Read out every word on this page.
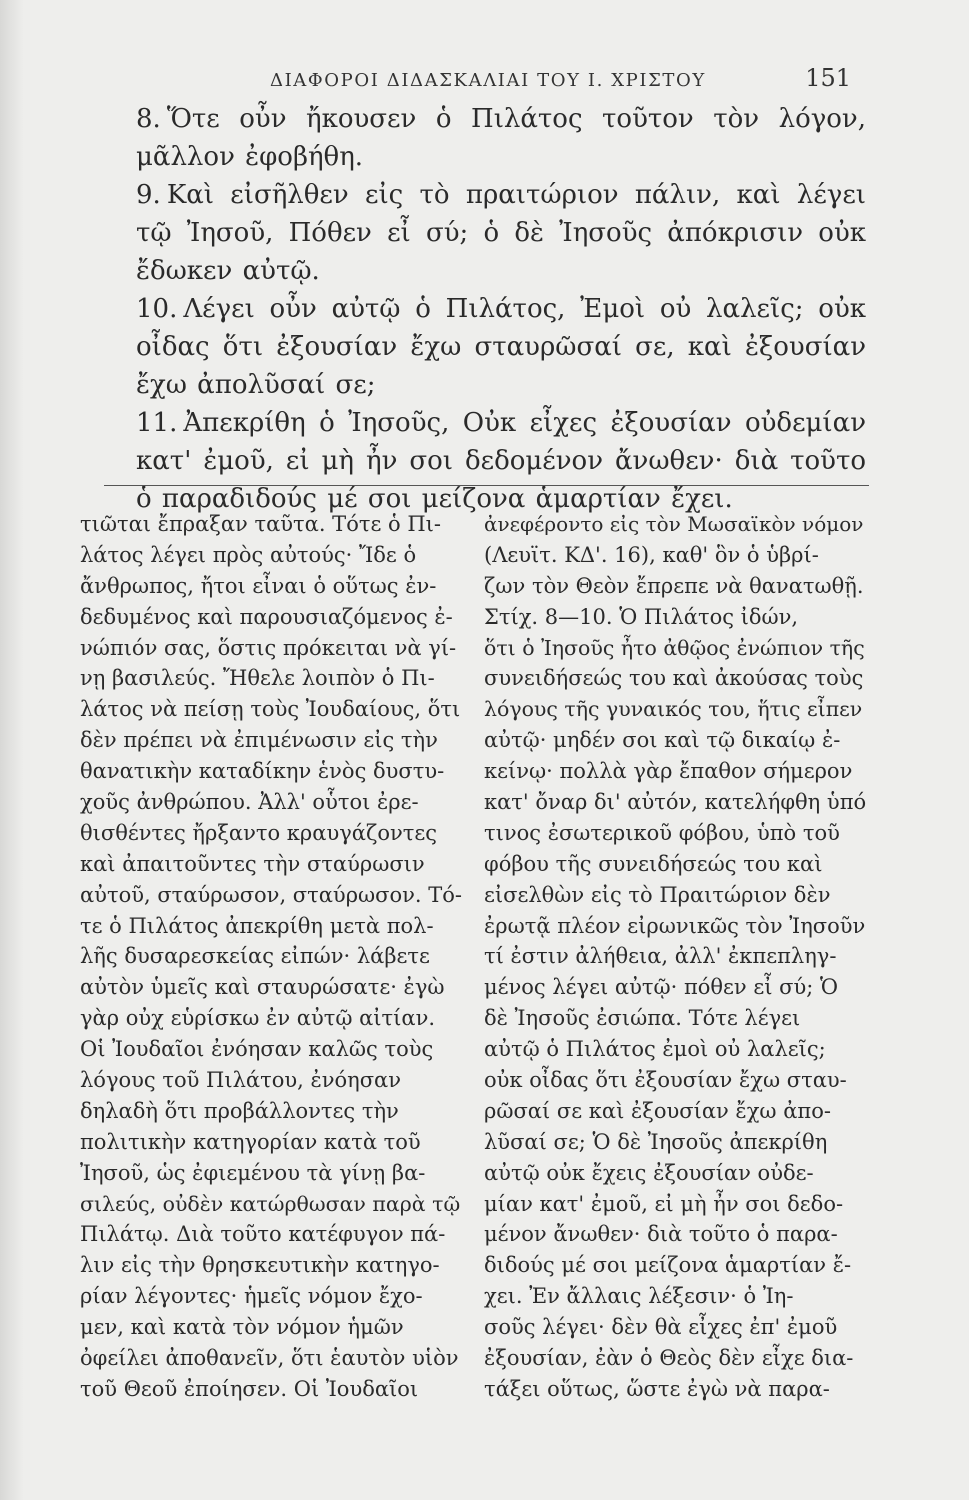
ΔΙΑΦΟΡΟΙ ΔΙΔΑΣΚΑΛΙΑΙ ΤΟΥ Ι. ΧΡΙΣΤΟΥ	151

8. Ὅτε οὖν ἤκουσεν ὁ Πιλάτος τοῦτον τὸν λόγον, μᾶλλον ἐφοβήθη.

9. Καὶ εἰσῆλθεν εἰς τὸ πραιτώριον πάλιν, καὶ λέγει τῷ Ἰησοῦ, Πόθεν εἶ σύ; ὁ δὲ Ἰησοῦς ἀπόκρισιν οὐκ ἔδωκεν αὐτῷ.

10. Λέγει οὖν αὐτῷ ὁ Πιλάτος, Ἐμοὶ οὐ λαλεῖς; οὐκ οἶδας ὅτι ἐξουσίαν ἔχω σταυρῶσαί σε, καὶ ἐξουσίαν ἔχω ἀπολῦσαί σε;

11. Ἀπεκρίθη ὁ Ἰησοῦς, Οὐκ εἶχες ἐξουσίαν οὐδεμίαν κατ' ἐμοῦ, εἰ μὴ ἦν σοι δεδομένον ἄνωθεν· διὰ τοῦτο ὁ παραδιδούς μέ σοι μείζονα ἁμαρτίαν ἔχει.

τιῶται ἔπραξαν ταῦτα. Τότε ὁ Πι-
λάτος λέγει πρὸς αὐτούς· Ἴδε ὁ
ἄνθρωπος, ἤτοι εἶναι ὁ οὕτως ἐν-
δεδυμένος καὶ παρουσιαζόμενος ἐ-
νώπιόν σας, ὅστις πρόκειται νὰ γί-
νῃ βασιλεύς. Ἤθελε λοιπὸν ὁ Πι-
λάτος νὰ πείσῃ τοὺς Ἰουδαίους, ὅτι
δὲν πρέπει νὰ ἐπιμένωσιν εἰς τὴν
θανατικὴν καταδίκην ἑνὸς δυστυ-
χοῦς ἀνθρώπου. Ἀλλ' οὗτοι ἐρε-
θισθέντες ἤρξαντο κραυγάζοντες
καὶ ἀπαιτοῦντες τὴν σταύρωσιν
αὐτοῦ, σταύρωσον, σταύρωσον. Τό-
τε ὁ Πιλάτος ἀπεκρίθη μετὰ πολ-
λῆς δυσαρεσκείας εἰπών· λάβετε
αὐτὸν ὑμεῖς καὶ σταυρώσατε· ἐγὼ
γὰρ οὐχ εὑρίσκω ἐν αὐτῷ αἰτίαν.
Οἱ Ἰουδαῖοι ἐνόησαν καλῶς τοὺς
λόγους τοῦ Πιλάτου, ἐνόησαν
δηλαδὴ ὅτι προβάλλοντες τὴν
πολιτικὴν κατηγορίαν κατὰ τοῦ
Ἰησοῦ, ὡς ἐφιεμένου τὰ γίνῃ βα-
σιλεύς, οὐδὲν κατώρθωσαν παρὰ τῷ
Πιλάτῳ. Διὰ τοῦτο κατέφυγον πά-
λιν εἰς τὴν θρησκευτικὴν κατηγο-
ρίαν λέγοντες· ἡμεῖς νόμον ἔχο-
μεν, καὶ κατὰ τὸν νόμον ἡμῶν
ὀφείλει ἀποθανεῖν, ὅτι ἑαυτὸν υἱὸν
τοῦ Θεοῦ ἐποίησεν. Οἱ Ἰουδαῖοι
ἀνεφέροντο εἰς τὸν Μωσαϊκὸν νόμον
(Λευϊτ. ΚΔ'. 16), καθ' ὃν ὁ ὑβρί-
ζων τὸν Θεὸν ἔπρεπε νὰ θανατωθῇ.
Στίχ. 8—10. Ὁ Πιλάτος ἰδών,
ὅτι ὁ Ἰησοῦς ἦτο ἀθῷος ἐνώπιον τῆς
συνειδήσεώς του καὶ ἀκούσας τοὺς
λόγους τῆς γυναικός του, ἥτις εἶπεν
αὐτῷ· μηδέν σοι καὶ τῷ δικαίῳ ἐ-
κείνῳ· πολλὰ γὰρ ἔπαθον σήμερον
κατ' ὄναρ δι' αὐτόν, κατελήφθη ὑπό
τινος ἐσωτερικοῦ φόβου, ὑπὸ τοῦ
φόβου τῆς συνειδήσεώς του καὶ
εἰσελθὼν εἰς τὸ Πραιτώριον δὲν
ἐρωτᾷ πλέον εἰρωνικῶς τὸν Ἰησοῦν
τί ἐστιν ἀλήθεια, ἀλλ' ἐκπεπληγ-
μένος λέγει αὐτῷ· πόθεν εἶ σύ; Ὁ
δὲ Ἰησοῦς ἐσιώπα. Τότε λέγει
αὐτῷ ὁ Πιλάτος ἐμοὶ οὐ λαλεῖς;
οὐκ οἶδας ὅτι ἐξουσίαν ἔχω σταυ-
ρῶσαί σε καὶ ἐξουσίαν ἔχω ἀπο-
λῦσαί σε; Ὁ δὲ Ἰησοῦς ἀπεκρίθη
αὐτῷ οὐκ ἔχεις ἐξουσίαν οὐδε-
μίαν κατ' ἐμοῦ, εἰ μὴ ἦν σοι δεδο-
μένον ἄνωθεν· διὰ τοῦτο ὁ παρα-
διδούς μέ σοι μείζονα ἁμαρτίαν ἔ-
χει. Ἐν ἄλλαις λέξεσιν· ὁ Ἰη-
σοῦς λέγει· δὲν θὰ εἶχες ἐπ' ἐμοῦ
ἐξουσίαν, ἐὰν ὁ Θεὸς δὲν εἶχε δια-
τάξει οὕτως, ὥστε ἐγὼ νὰ παρα-
